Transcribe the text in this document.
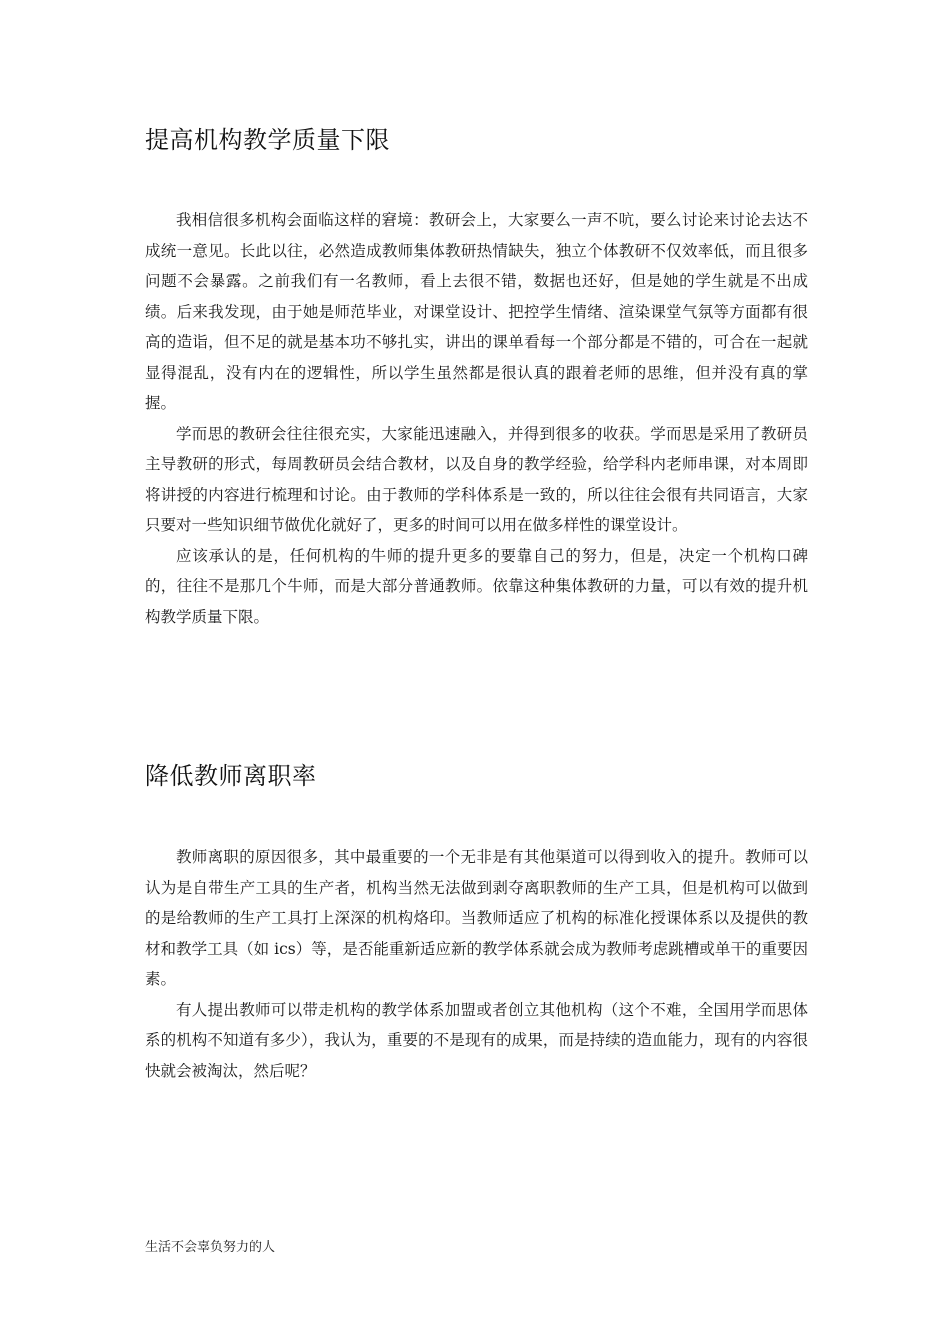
提高机构教学质量下限

我相信很多机构会面临这样的窘境：教研会上，大家要么一声不吭，要么讨论来讨论去达不成统一意见。长此以往，必然造成教师集体教研热情缺失，独立个体教研不仅效率低，而且很多问题不会暴露。之前我们有一名教师，看上去很不错，数据也还好，但是她的学生就是不出成绩。后来我发现，由于她是师范毕业，对课堂设计、把控学生情绪、渲染课堂气氛等方面都有很高的造诣，但不足的就是基本功不够扎实，讲出的课单看每一个部分都是不错的，可合在一起就显得混乱，没有内在的逻辑性，所以学生虽然都是很认真的跟着老师的思维，但并没有真的掌握。

学而思的教研会往往很充实，大家能迅速融入，并得到很多的收获。学而思是采用了教研员主导教研的形式，每周教研员会结合教材，以及自身的教学经验，给学科内老师串课，对本周即将讲授的内容进行梳理和讨论。由于教师的学科体系是一致的，所以往往会很有共同语言，大家只要对一些知识细节做优化就好了，更多的时间可以用在做多样性的课堂设计。

应该承认的是，任何机构的牛师的提升更多的要靠自己的努力，但是，决定一个机构口碑的，往往不是那几个牛师，而是大部分普通教师。依靠这种集体教研的力量，可以有效的提升机构教学质量下限。

降低教师离职率

教师离职的原因很多，其中最重要的一个无非是有其他渠道可以得到收入的提升。教师可以认为是自带生产工具的生产者，机构当然无法做到剥夺离职教师的生产工具，但是机构可以做到的是给教师的生产工具打上深深的机构烙印。当教师适应了机构的标准化授课体系以及提供的教材和教学工具（如 ics）等，是否能重新适应新的教学体系就会成为教师考虑跳槽或单干的重要因素。

有人提出教师可以带走机构的教学体系加盟或者创立其他机构（这个不难，全国用学而思体系的机构不知道有多少），我认为，重要的不是现有的成果，而是持续的造血能力，现有的内容很快就会被淘汰，然后呢？

生活不会辜负努力的人
